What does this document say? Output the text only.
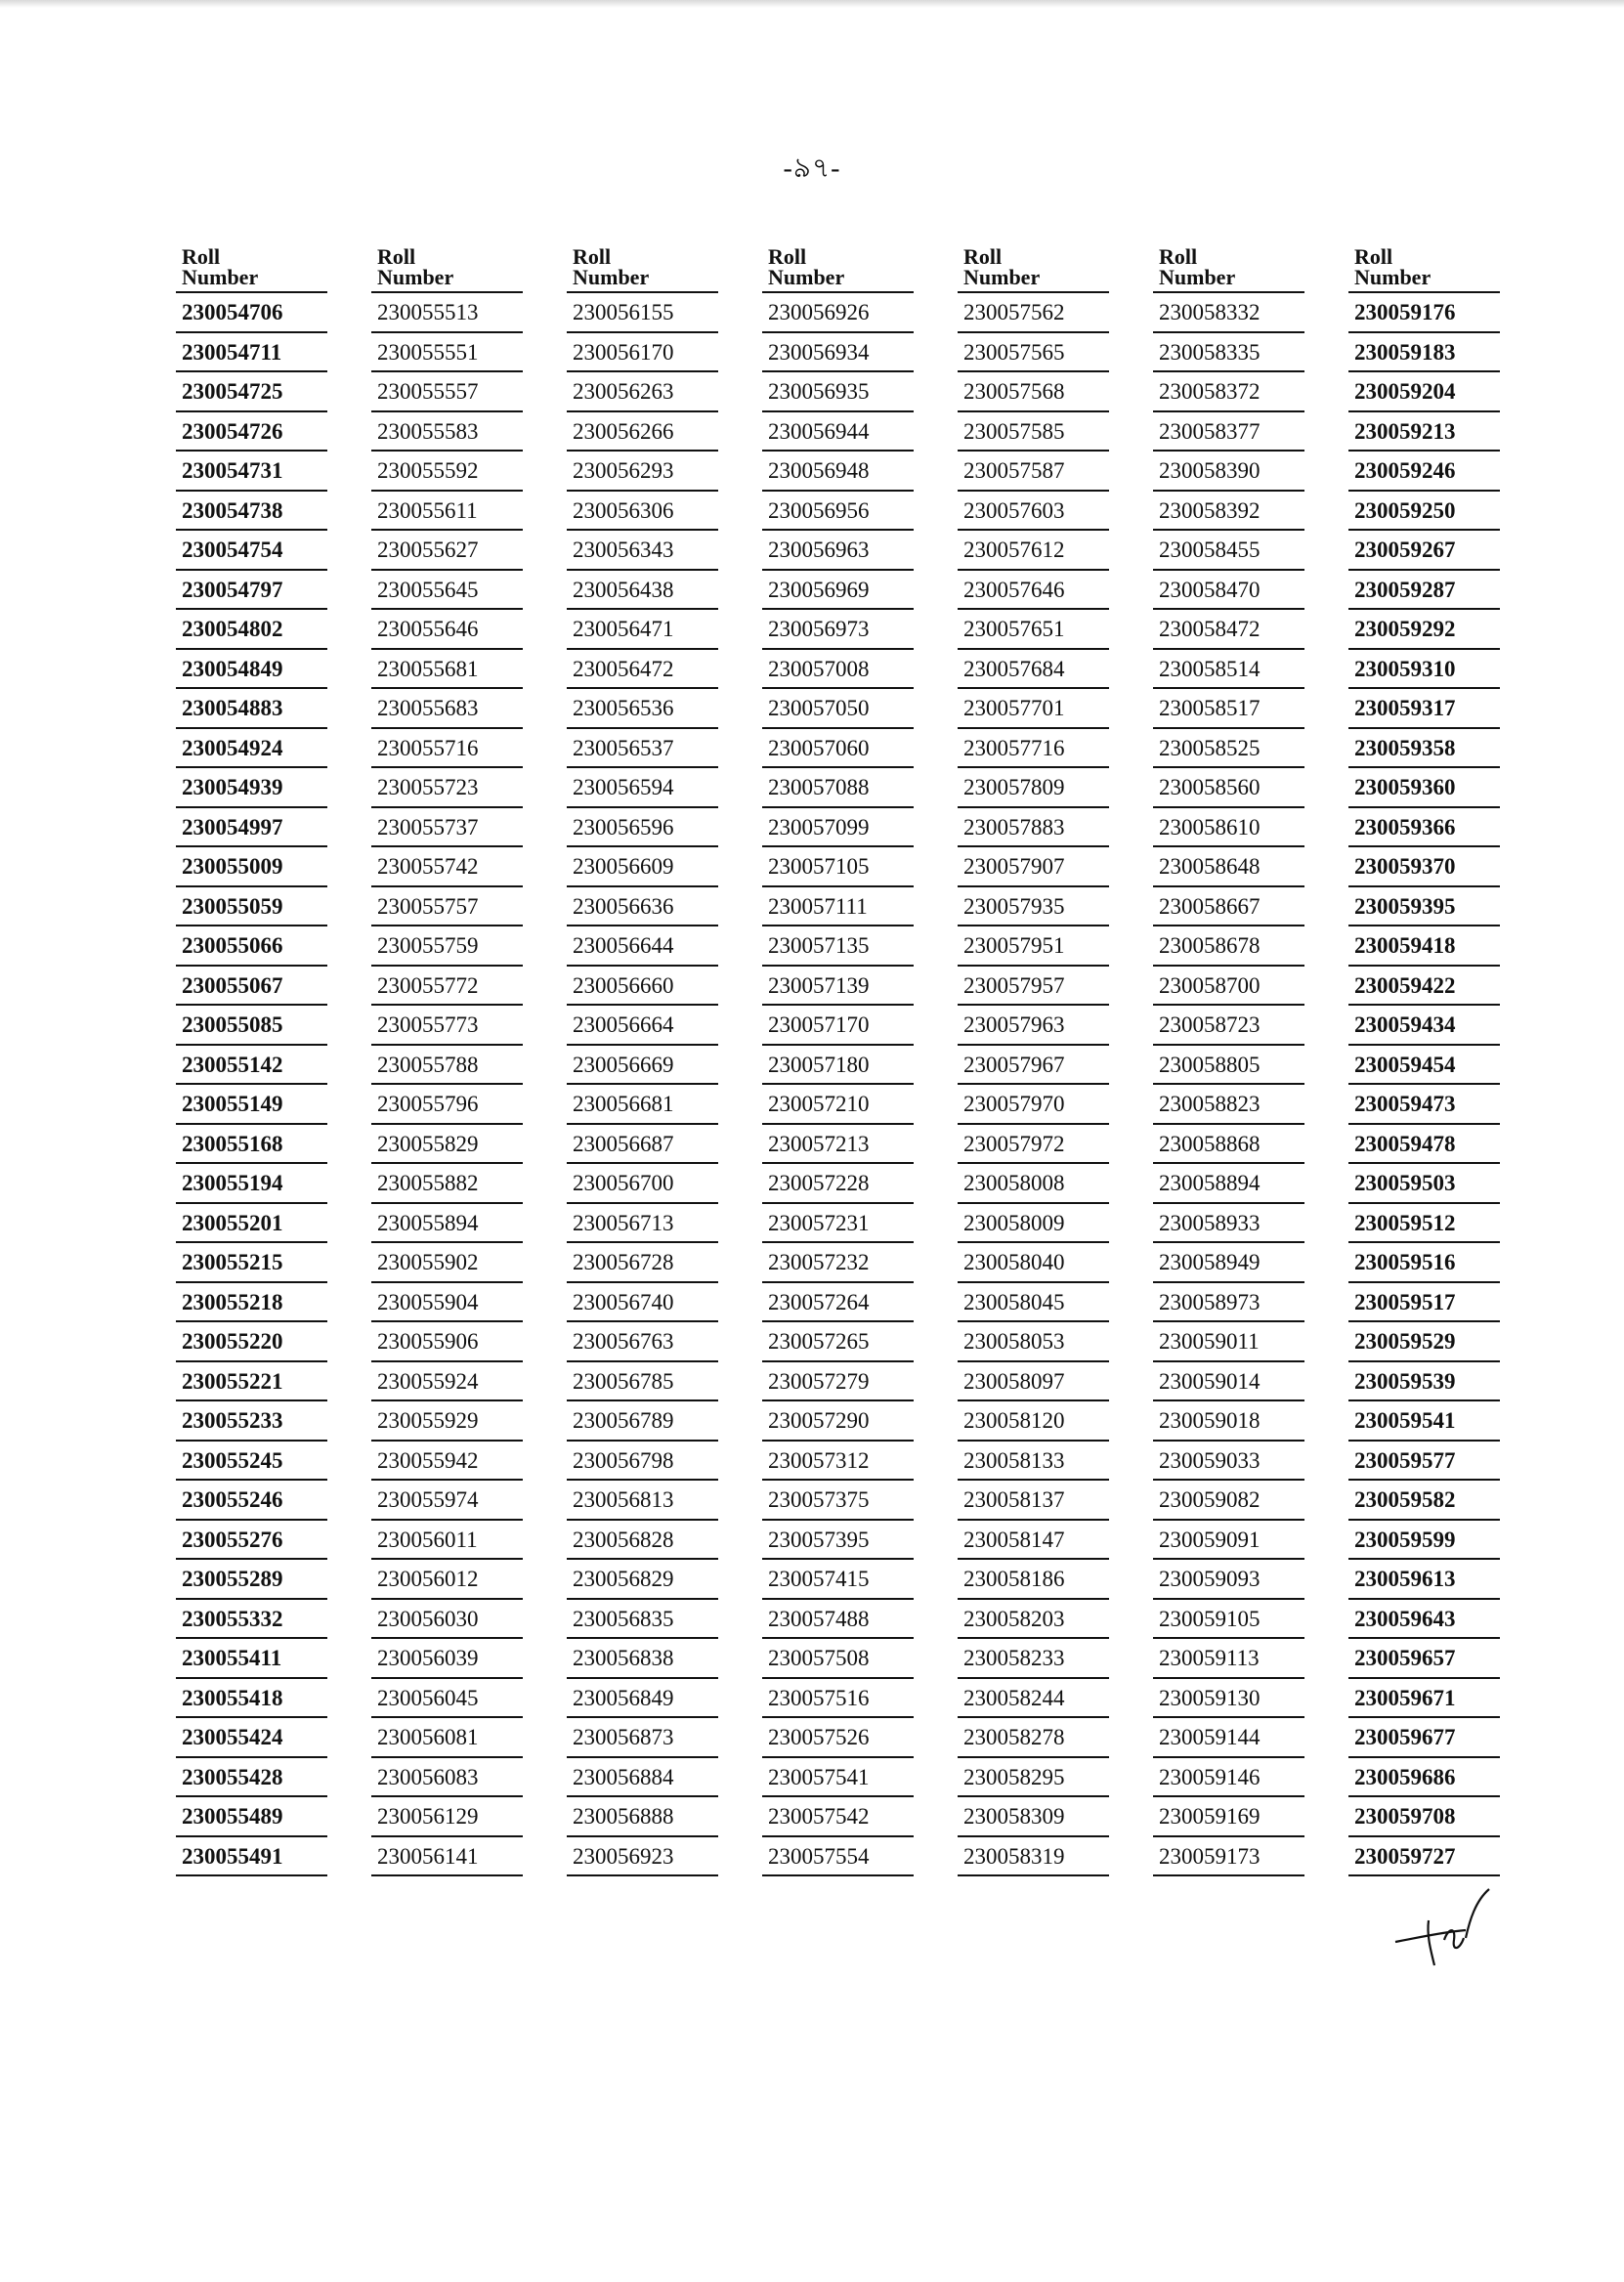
-৯৭-
Roll
Number
230054706
230054711
230054725
230054726
230054731
230054738
230054754
230054797
230054802
230054849
230054883
230054924
230054939
230054997
230055009
230055059
230055066
230055067
230055085
230055142
230055149
230055168
230055194
230055201
230055215
230055218
230055220
230055221
230055233
230055245
230055246
230055276
230055289
230055332
230055411
230055418
230055424
230055428
230055489
230055491
Roll
Number
230055513
230055551
230055557
230055583
230055592
230055611
230055627
230055645
230055646
230055681
230055683
230055716
230055723
230055737
230055742
230055757
230055759
230055772
230055773
230055788
230055796
230055829
230055882
230055894
230055902
230055904
230055906
230055924
230055929
230055942
230055974
230056011
230056012
230056030
230056039
230056045
230056081
230056083
230056129
230056141
Roll
Number
230056155
230056170
230056263
230056266
230056293
230056306
230056343
230056438
230056471
230056472
230056536
230056537
230056594
230056596
230056609
230056636
230056644
230056660
230056664
230056669
230056681
230056687
230056700
230056713
230056728
230056740
230056763
230056785
230056789
230056798
230056813
230056828
230056829
230056835
230056838
230056849
230056873
230056884
230056888
230056923
Roll
Number
230056926
230056934
230056935
230056944
230056948
230056956
230056963
230056969
230056973
230057008
230057050
230057060
230057088
230057099
230057105
230057111
230057135
230057139
230057170
230057180
230057210
230057213
230057228
230057231
230057232
230057264
230057265
230057279
230057290
230057312
230057375
230057395
230057415
230057488
230057508
230057516
230057526
230057541
230057542
230057554
Roll
Number
230057562
230057565
230057568
230057585
230057587
230057603
230057612
230057646
230057651
230057684
230057701
230057716
230057809
230057883
230057907
230057935
230057951
230057957
230057963
230057967
230057970
230057972
230058008
230058009
230058040
230058045
230058053
230058097
230058120
230058133
230058137
230058147
230058186
230058203
230058233
230058244
230058278
230058295
230058309
230058319
Roll
Number
230058332
230058335
230058372
230058377
230058390
230058392
230058455
230058470
230058472
230058514
230058517
230058525
230058560
230058610
230058648
230058667
230058678
230058700
230058723
230058805
230058823
230058868
230058894
230058933
230058949
230058973
230059011
230059014
230059018
230059033
230059082
230059091
230059093
230059105
230059113
230059130
230059144
230059146
230059169
230059173
Roll
Number
230059176
230059183
230059204
230059213
230059246
230059250
230059267
230059287
230059292
230059310
230059317
230059358
230059360
230059366
230059370
230059395
230059418
230059422
230059434
230059454
230059473
230059478
230059503
230059512
230059516
230059517
230059529
230059539
230059541
230059577
230059582
230059599
230059613
230059643
230059657
230059671
230059677
230059686
230059708
230059727
